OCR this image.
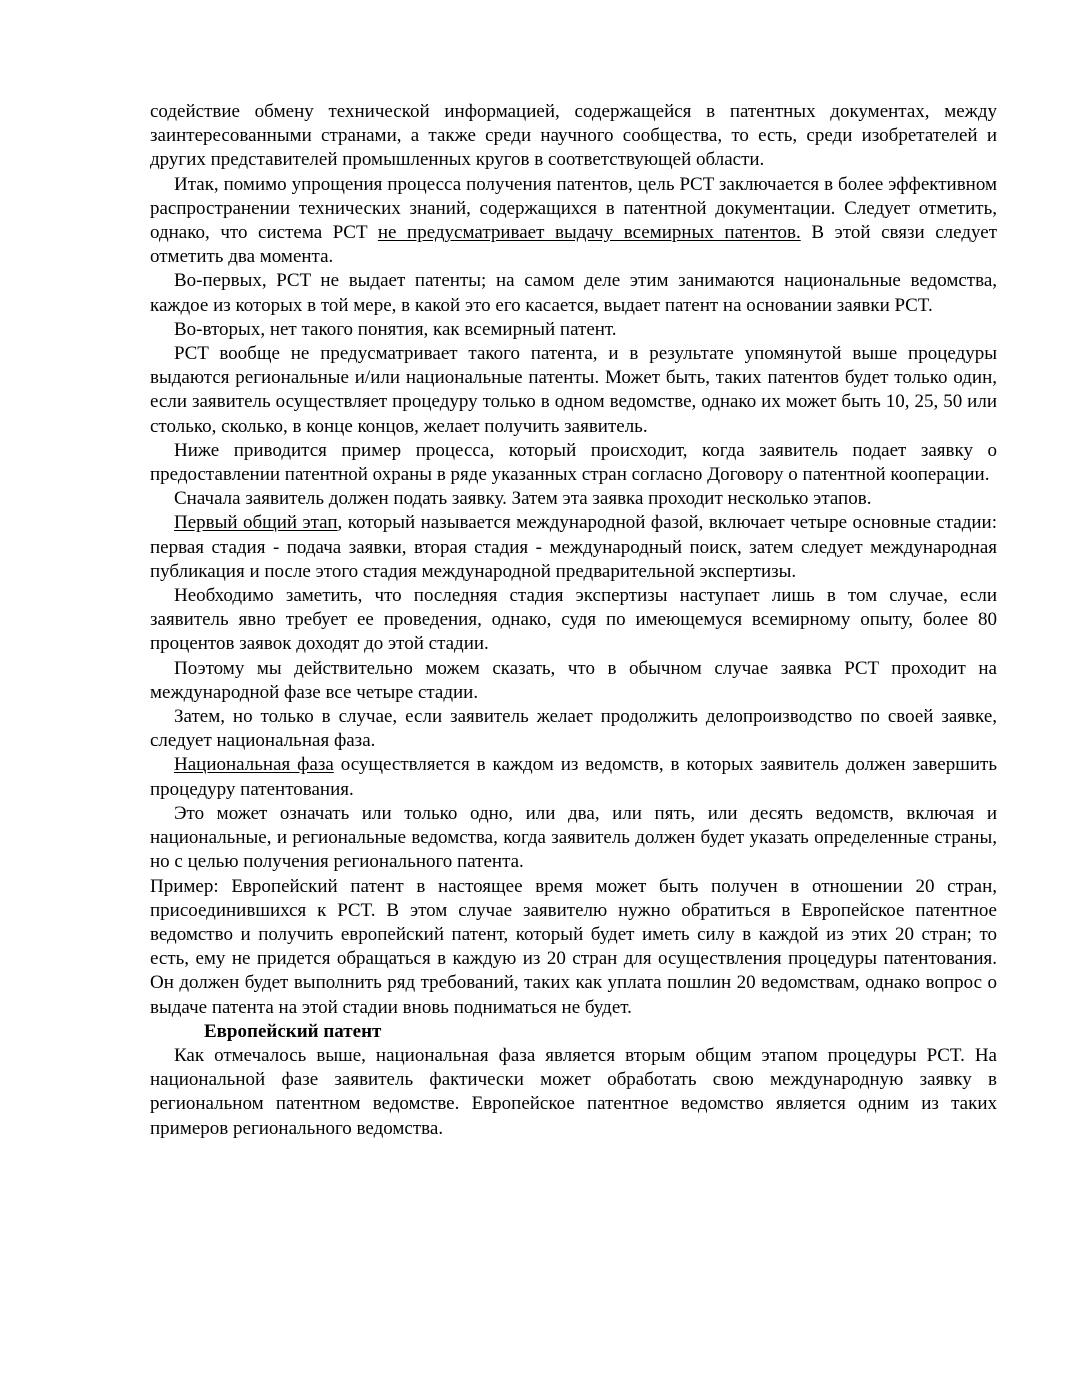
содействие обмену технической информацией, содержащейся в патентных документах, между заинтересованными странами, а также среди научного сообщества, то есть, среди изобретателей и других представителей промышленных кругов в соответствующей области.

Итак, помимо упрощения процесса получения патентов, цель PCT заключается в более эффективном распространении технических знаний, содержащихся в патентной документации. Следует отметить, однако, что система PCT не предусматривает выдачу всемирных патентов. В этой связи следует отметить два момента.

Во-первых, PCT не выдает патенты; на самом деле этим занимаются национальные ведомства, каждое из которых в той мере, в какой это его касается, выдает патент на основании заявки PCT.

Во-вторых, нет такого понятия, как всемирный патент.

PCT вообще не предусматривает такого патента, и в результате упомянутой выше процедуры выдаются региональные и/или национальные патенты. Может быть, таких патентов будет только один, если заявитель осуществляет процедуру только в одном ведомстве, однако их может быть 10, 25, 50 или столько, сколько, в конце концов, желает получить заявитель.

Ниже приводится пример процесса, который происходит, когда заявитель подает заявку о предоставлении патентной охраны в ряде указанных стран согласно Договору о патентной кооперации.

Сначала заявитель должен подать заявку. Затем эта заявка проходит несколько этапов.

Первый общий этап, который называется международной фазой, включает четыре основные стадии: первая стадия - подача заявки, вторая стадия - международный поиск, затем следует международная публикация и после этого стадия международной предварительной экспертизы.

Необходимо заметить, что последняя стадия экспертизы наступает лишь в том случае, если заявитель явно требует ее проведения, однако, судя по имеющемуся всемирному опыту, более 80 процентов заявок доходят до этой стадии.

Поэтому мы действительно можем сказать, что в обычном случае заявка PCT проходит на международной фазе все четыре стадии.

Затем, но только в случае, если заявитель желает продолжить делопроизводство по своей заявке, следует национальная фаза.

Национальная фаза осуществляется в каждом из ведомств, в которых заявитель должен завершить процедуру патентования.

Это может означать или только одно, или два, или пять, или десять ведомств, включая и национальные, и региональные ведомства, когда заявитель должен будет указать определенные страны, но с целью получения регионального патента.

Пример: Европейский патент в настоящее время может быть получен в отношении 20 стран, присоединившихся к PCT. В этом случае заявителю нужно обратиться в Европейское патентное ведомство и получить европейский патент, который будет иметь силу в каждой из этих 20 стран; то есть, ему не придется обращаться в каждую из 20 стран для осуществления процедуры патентования. Он должен будет выполнить ряд требований, таких как уплата пошлин 20 ведомствам, однако вопрос о выдаче патента на этой стадии вновь подниматься не будет.

Европейский патент

Как отмечалось выше, национальная фаза является вторым общим этапом процедуры PCT. На национальной фазе заявитель фактически может обработать свою международную заявку в региональном патентном ведомстве. Европейское патентное ведомство является одним из таких примеров регионального ведомства.
